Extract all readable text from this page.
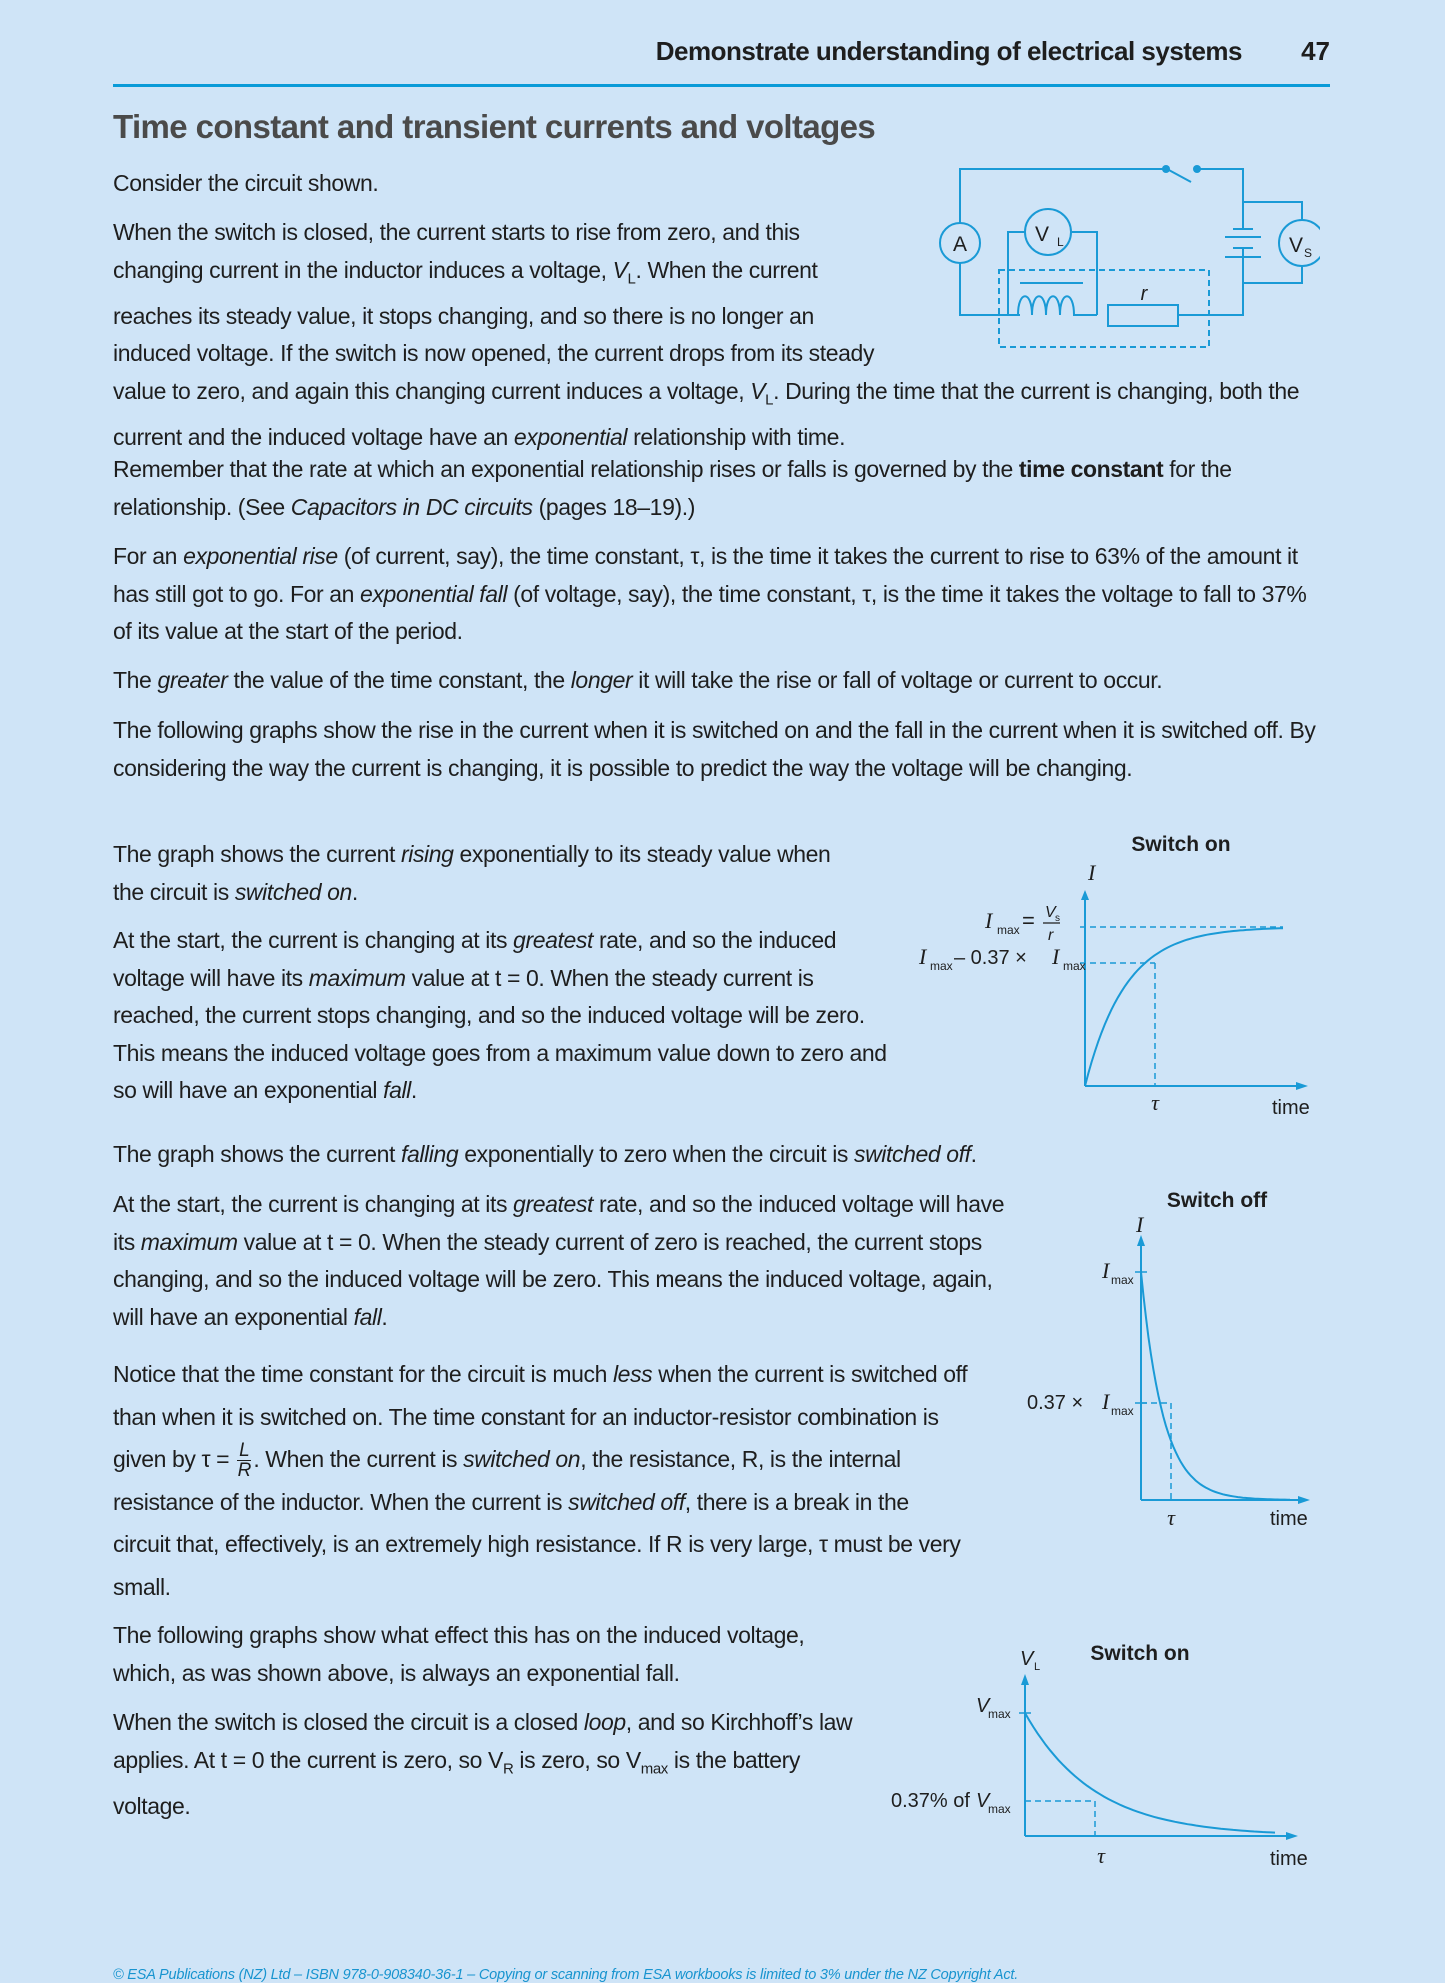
Demonstrate understanding of electrical systems 47
Time constant and transient currents and voltages

Consider the circuit shown.

When the switch is closed, the current starts to rise from zero, and this changing current in the inductor induces a voltage, $V_L$. When the current reaches its steady value, it stops changing, and so there is no longer an induced voltage. If the switch is now opened, the current drops from its steady value to zero, and again this changing current induces a voltage, $V_L$. During the time that the current is changing, both the current and the induced voltage have an exponential relationship with time.

Remember that the rate at which an exponential relationship rises or falls is governed by the time constant for the relationship. (See Capacitors in DC circuits (pages 18–19).)

For an exponential rise (of current, say), the time constant, τ, is the time it takes the current to rise to 63% of the amount it has still got to go. For an exponential fall (of voltage, say), the time constant, τ, is the time it takes the voltage to fall to 37% of its value at the start of the period.

The greater the value of the time constant, the longer it will take the rise or fall of voltage or current to occur.

The following graphs show the rise in the current when it is switched on and the fall in the current when it is switched off. By considering the way the current is changing, it is possible to predict the way the voltage will be changing.

The graph shows the current rising exponentially to its steady value when the circuit is switched on.

At the start, the current is changing at its greatest rate, and so the induced voltage will have its maximum value at t = 0. When the steady current is reached, the current stops changing, and so the induced voltage will be zero. This means the induced voltage goes from a maximum value down to zero and so will have an exponential fall.

The graph shows the current falling exponentially to zero when the circuit is switched off.

At the start, the current is changing at its greatest rate, and so the induced voltage will have its maximum value at t = 0. When the steady current of zero is reached, the current stops changing, and so the induced voltage will be zero. This means the induced voltage, again, will have an exponential fall.

Notice that the time constant for the circuit is much less when the current is switched off than when it is switched on. The time constant for an inductor-resistor combination is given by $\tau = \frac{L}{R}$ . When the current is switched on, the resistance, R, is the internal resistance of the inductor. When the current is switched off, there is a break in the circuit that, effectively, is an extremely high resistance. If R is very large, τ must be very small.

The following graphs show what effect this has on the induced voltage, which, as was shown above, is always an exponential fall.

When the switch is closed the circuit is a closed loop, and so Kirchhoff’s law applies. At t = 0 the current is zero, so $V_R$ is zero, so $V_{max}$ is the battery voltage.

A	V L	V S
r
Switch on
I
τ	time
I max = V s
r
I max – 0.37 × I max
Switch off
I
τ	time
I max
0.37 × I max
Switch on
V L
τ	time
V
max
0.37% of V
max
© ESA Publications (NZ) Ltd – ISBN 978-0-908340-36-1 – Copying or scanning from ESA workbooks is limited to 3% under the NZ Copyright Act.
